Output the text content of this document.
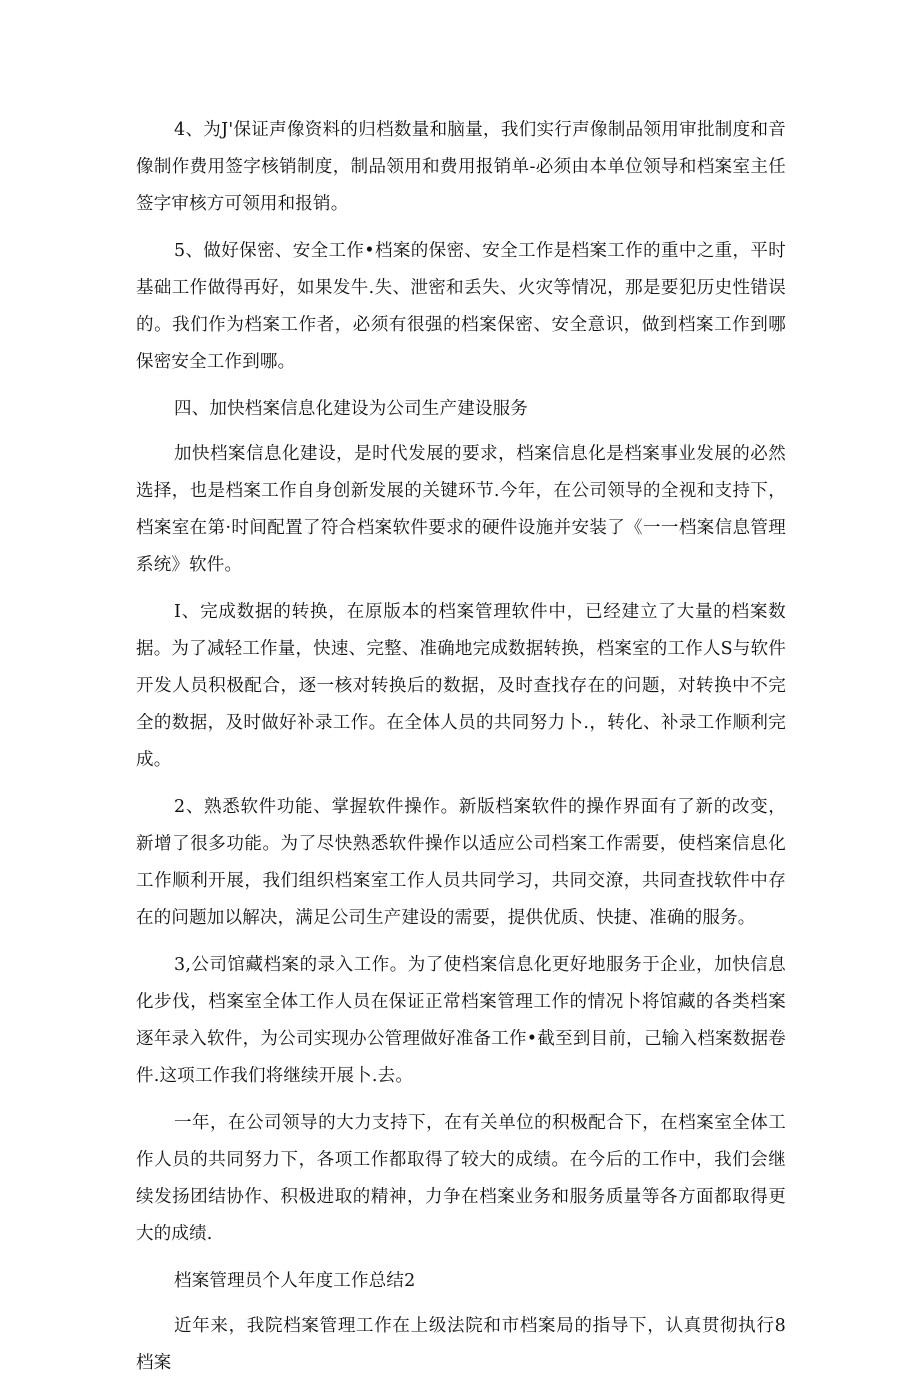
4、为J'保证声像资料的归档数量和脑量，我们实行声像制品领用审批制度和音像制作费用签字核销制度，制品领用和费用报销单-必须由本单位领导和档案室主任签字审核方可领用和报销。

5、做好保密、安全工作•档案的保密、安全工作是档案工作的重中之重，平时基础工作做得再好，如果发牛.失、泄密和丢失、火灾等情况，那是要犯历史性错误的。我们作为档案工作者，必须有很强的档案保密、安全意识，做到档案工作到哪保密安全工作到哪。

四、加快档案信息化建设为公司生产建设服务

加快档案信息化建设，是时代发展的要求，档案信息化是档案事业发展的必然选择，也是档案工作自身创新发展的关键环节.今年，在公司领导的全视和支持下，档案室在第·时间配置了符合档案软件要求的硬件设施并安装了《一一档案信息管理系统》软件。

I、完成数据的转换，在原版本的档案管理软件中，已经建立了大量的档案数据。为了减轻工作量，快速、完整、准确地完成数据转换，档案室的工作人S与软件开发人员积极配合，逐一核对转换后的数据，及时查找存在的问题，对转换中不完全的数据，及时做好补录工作。在全体人员的共同努力卜.，转化、补录工作顺利完成。

2、熟悉软件功能、掌握软件操作。新版档案软件的操作界面有了新的改变，新增了很多功能。为了尽快熟悉软件操作以适应公司档案工作需要，使档案信息化工作顺利开展，我们组织档案室工作人员共同学习，共同交潦，共同查找软件中存在的问题加以解决，满足公司生产建设的需要，提供优质、快捷、准确的服务。

3,公司馆藏档案的录入工作。为了使档案信息化更好地服务于企业，加快信息化步伐，档案室全体工作人员在保证正常档案管理工作的情况卜将馆藏的各类档案逐年录入软件，为公司实现办公管理做好准备工作•截至到目前，己输入档案数据卷件.这项工作我们将继续开展卜.去。

一年，在公司领导的大力支持下，在有关单位的积极配合下，在档案室全体工作人员的共同努力下，各项工作都取得了较大的成绩。在今后的工作中，我们会继续发扬团结协作、积极进取的精神，力争在档案业务和服务质量等各方面都取得更大的成绩.

档案管理员个人年度工作总结2

近年来，我院档案管理工作在上级法院和市档案局的指导下，认真贯彻执行8档案
